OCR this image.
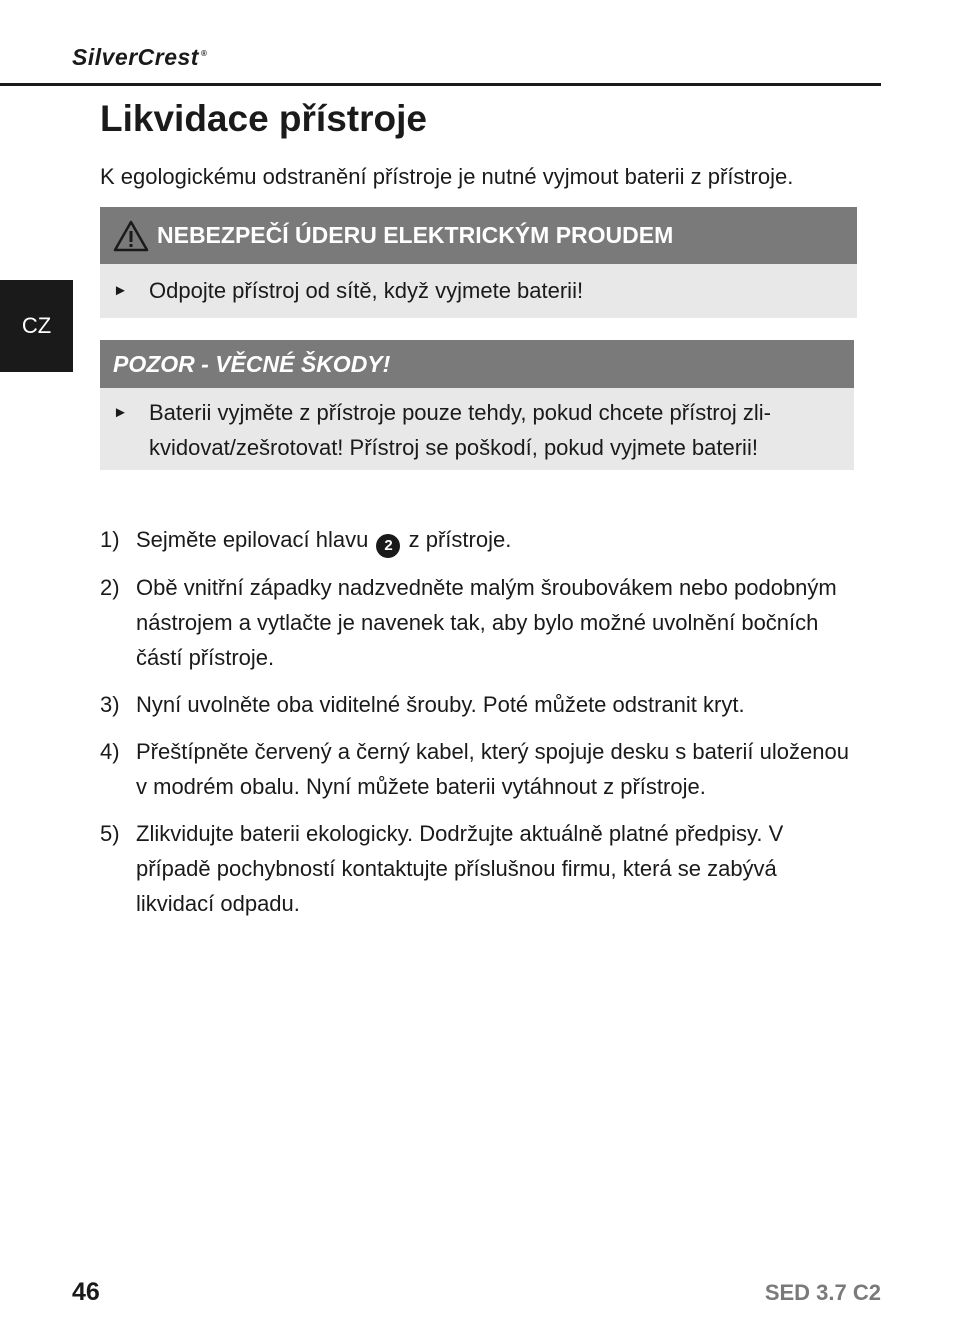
SilverCrest ®
Likvidace přístroje

K egologickému odstranění přístroje je nutné vyjmout baterii z přístroje.

CZ
NEBEZPEČÍ ÚDERU ELEKTRICKÝM PROUDEM
► Odpojte přístroj od sítě, když vyjmete baterii!
POZOR - VĚCNÉ ŠKODY!
► Baterii vyjměte z přístroje pouze tehdy, pokud chcete přístroj zli-
kvidovat/zešrotovat! Přístroj se poškodí, pokud vyjmete baterii!
1) Sejměte epilovací hlavu 2 z přístroje.
2) Obě vnitřní západky nadzvedněte malým šroubovákem nebo podobným nástrojem a vytlačte je navenek tak, aby bylo možné uvolnění bočních částí přístroje.
3) Nyní uvolněte oba viditelné šrouby. Poté můžete odstranit kryt.
4) Přeštípněte červený a černý kabel, který spojuje desku s baterií uloženou v modrém obalu. Nyní můžete baterii vytáhnout z přístroje.
5) Zlikvidujte baterii ekologicky. Dodržujte aktuálně platné předpisy. V případě pochybností kontaktujte příslušnou firmu, která se zabývá likvidací odpadu.
46	SED 3.7 C2
